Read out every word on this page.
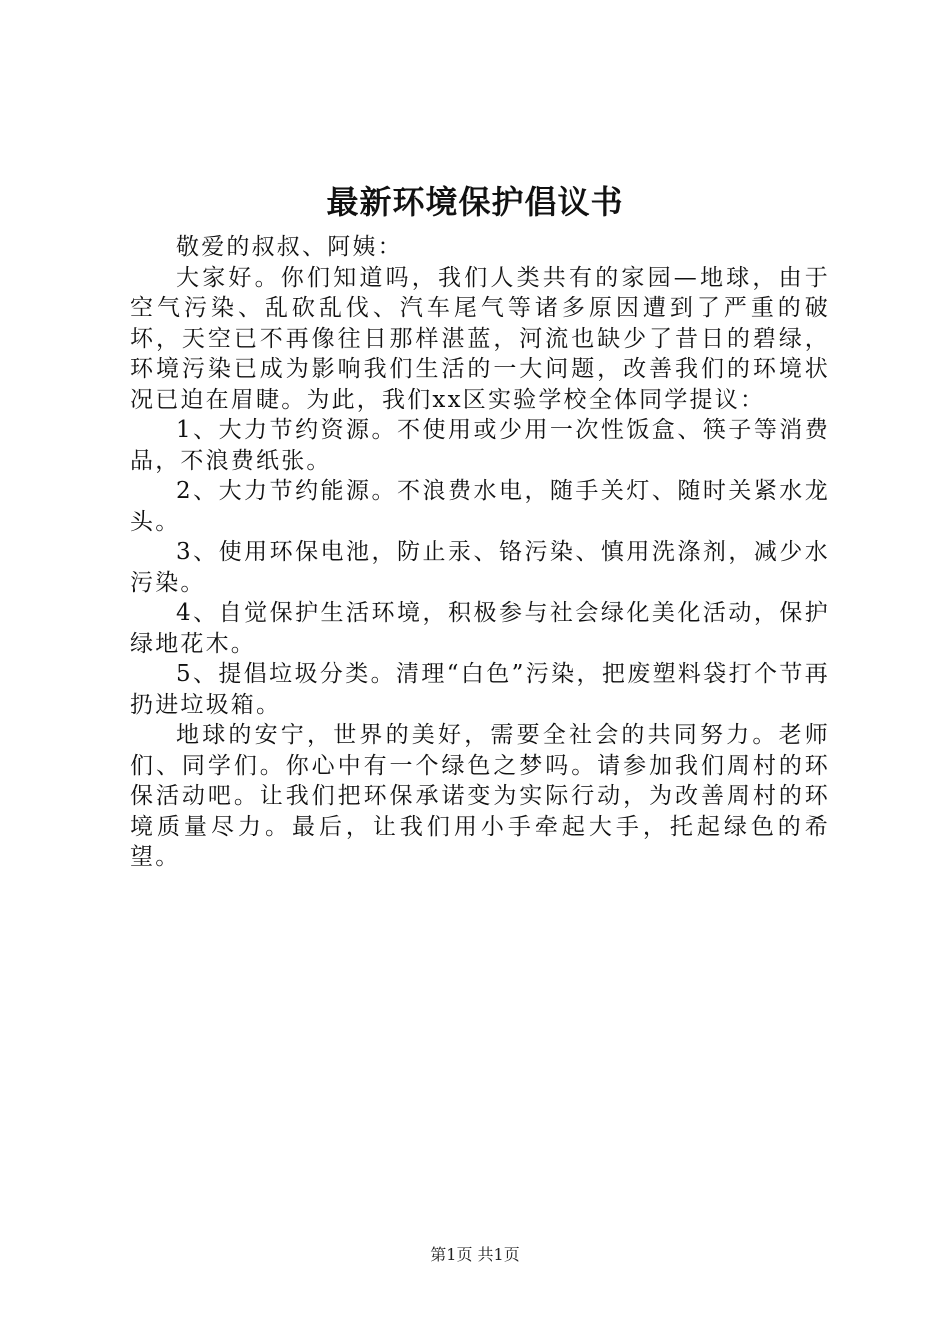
最新环境保护倡议书

敬爱的叔叔、阿姨：

大家好。你们知道吗，我们人类共有的家园—地球，由于空气污染、乱砍乱伐、汽车尾气等诸多原因遭到了严重的破坏，天空已不再像往日那样湛蓝，河流也缺少了昔日的碧绿，环境污染已成为影响我们生活的一大问题，改善我们的环境状况已迫在眉睫。为此，我们xx区实验学校全体同学提议：

1、大力节约资源。不使用或少用一次性饭盒、筷子等消费品，不浪费纸张。

2、大力节约能源。不浪费水电，随手关灯、随时关紧水龙头。

3、使用环保电池，防止汞、铬污染、慎用洗涤剂，减少水污染。

4、自觉保护生活环境，积极参与社会绿化美化活动，保护绿地花木。

5、提倡垃圾分类。清理“白色”污染，把废塑料袋打个节再扔进垃圾箱。

地球的安宁，世界的美好，需要全社会的共同努力。老师们、同学们。你心中有一个绿色之梦吗。请参加我们周村的环保活动吧。让我们把环保承诺变为实际行动，为改善周村的环境质量尽力。最后，让我们用小手牵起大手，托起绿色的希望。

第1页 共1页
